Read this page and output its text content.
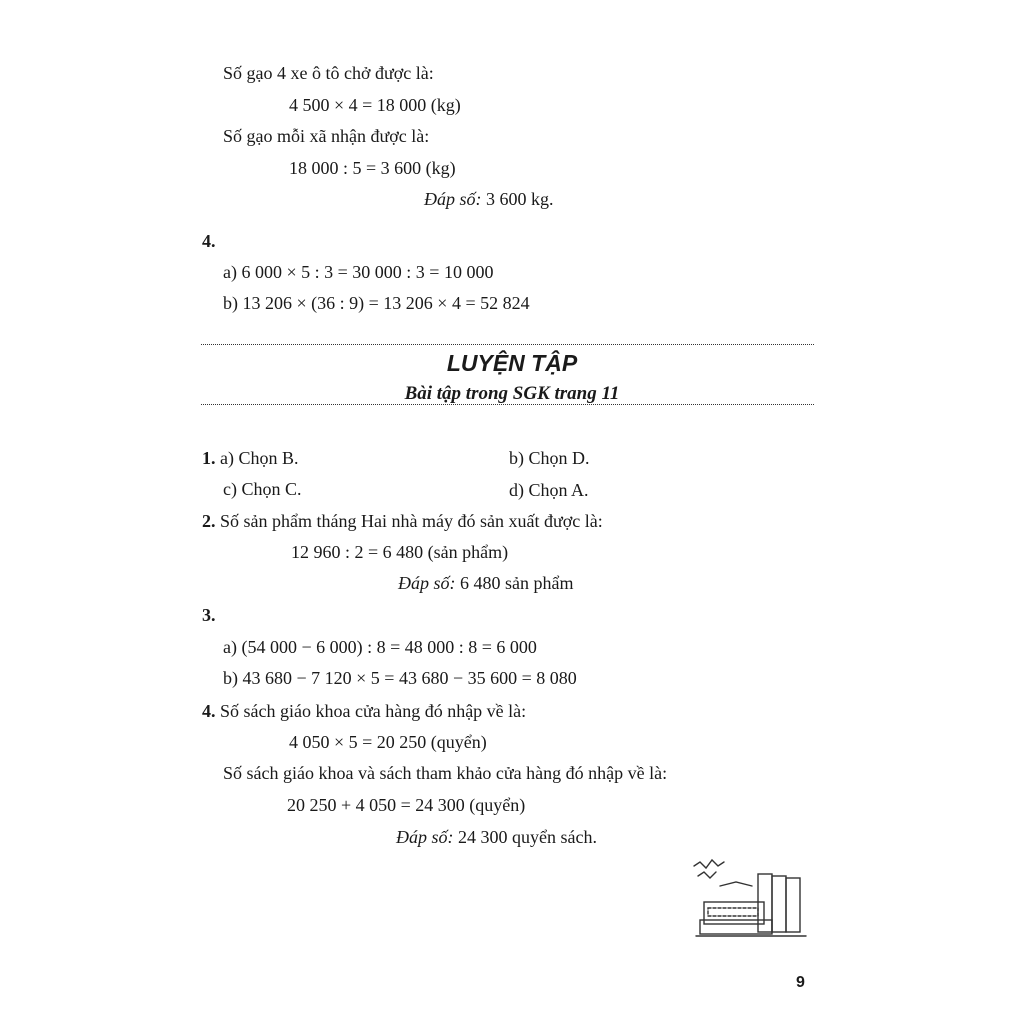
Số gạo 4 xe ô tô chở được là:
4 500 × 4 = 18 000 (kg)
Số gạo mỗi xã nhận được là:
18 000 : 5 = 3 600 (kg)
Đáp số: 3 600 kg.
4.
a) 6 000 × 5 : 3 = 30 000 : 3 = 10 000
b) 13 206 × (36 : 9) = 13 206 × 4 = 52 824
LUYỆN TẬP
Bài tập trong SGK trang 11
1. a) Chọn B.	b) Chọn D.
c) Chọn C.	d) Chọn A.
2. Số sản phẩm tháng Hai nhà máy đó sản xuất được là:
12 960 : 2 = 6 480 (sản phẩm)
Đáp số: 6 480 sản phẩm
3.
a) (54 000 − 6 000) : 8 = 48 000 : 8 = 6 000
b) 43 680 − 7 120 × 5 = 43 680 − 35 600 = 8 080
4. Số sách giáo khoa cửa hàng đó nhập về là:
4 050 × 5 = 20 250 (quyển)
Số sách giáo khoa và sách tham khảo cửa hàng đó nhập về là:
20 250 + 4 050 = 24 300 (quyển)
Đáp số: 24 300 quyển sách.
9
